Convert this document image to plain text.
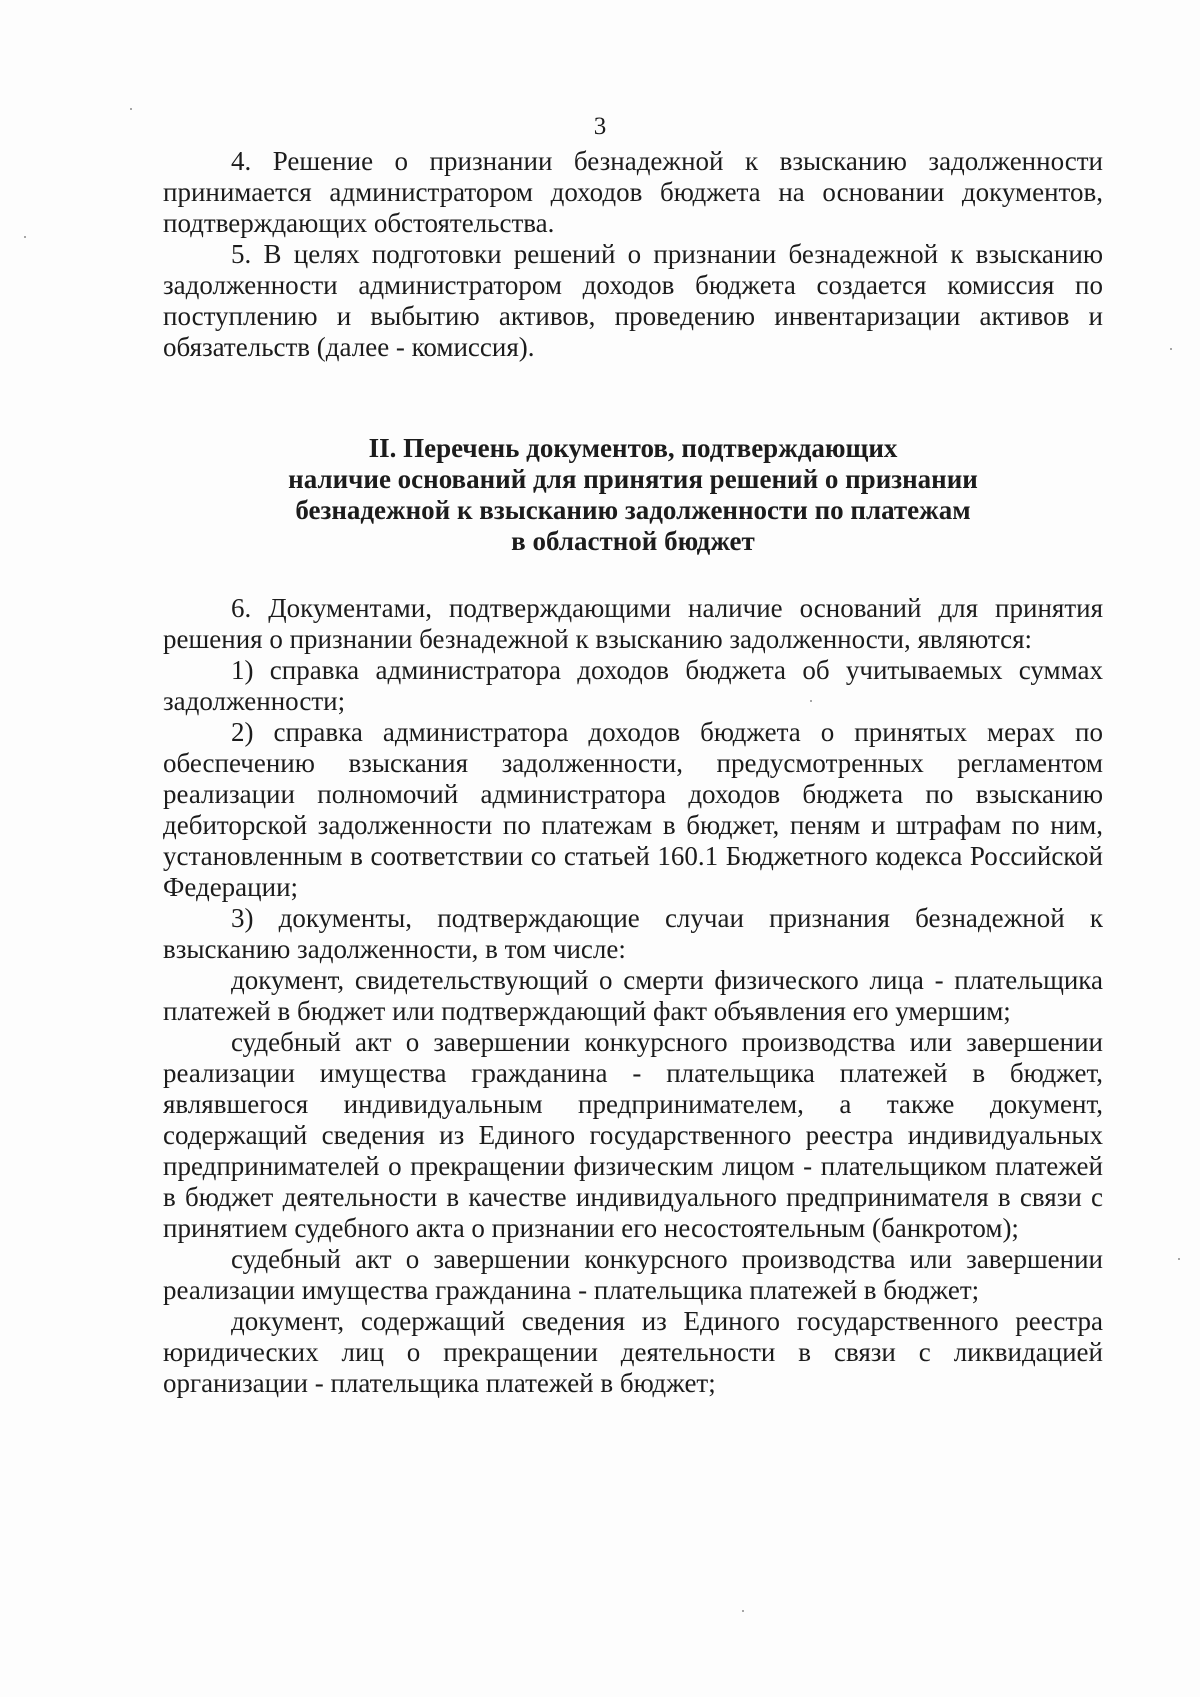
3

4. Решение о признании безнадежной к взысканию задолженности принимается администратором доходов бюджета на основании документов, подтверждающих обстоятельства.

5. В целях подготовки решений о признании безнадежной к взысканию задолженности администратором доходов бюджета создается комиссия по поступлению и выбытию активов, проведению инвентаризации активов и обязательств (далее - комиссия).

II. Перечень документов, подтверждающих
наличие оснований для принятия решений о признании
безнадежной к взысканию задолженности по платежам
в областной бюджет

6. Документами, подтверждающими наличие оснований для принятия решения о признании безнадежной к взысканию задолженности, являются:

1) справка администратора доходов бюджета об учитываемых суммах задолженности;

2) справка администратора доходов бюджета о принятых мерах по обеспечению взыскания задолженности, предусмотренных регламентом реализации полномочий администратора доходов бюджета по взысканию дебиторской задолженности по платежам в бюджет, пеням и штрафам по ним, установленным в соответствии со статьей 160.1 Бюджетного кодекса Российской Федерации;

3) документы, подтверждающие случаи признания безнадежной к взысканию задолженности, в том числе:

документ, свидетельствующий о смерти физического лица - плательщика платежей в бюджет или подтверждающий факт объявления его умершим;

судебный акт о завершении конкурсного производства или завершении реализации имущества гражданина - плательщика платежей в бюджет, являвшегося индивидуальным предпринимателем, а также документ, содержащий сведения из Единого государственного реестра индивидуальных предпринимателей о прекращении физическим лицом - плательщиком платежей в бюджет деятельности в качестве индивидуального предпринимателя в связи с принятием судебного акта о признании его несостоятельным (банкротом);

судебный акт о завершении конкурсного производства или завершении реализации имущества гражданина - плательщика платежей в бюджет;

документ, содержащий сведения из Единого государственного реестра юридических лиц о прекращении деятельности в связи с ликвидацией организации - плательщика платежей в бюджет;
